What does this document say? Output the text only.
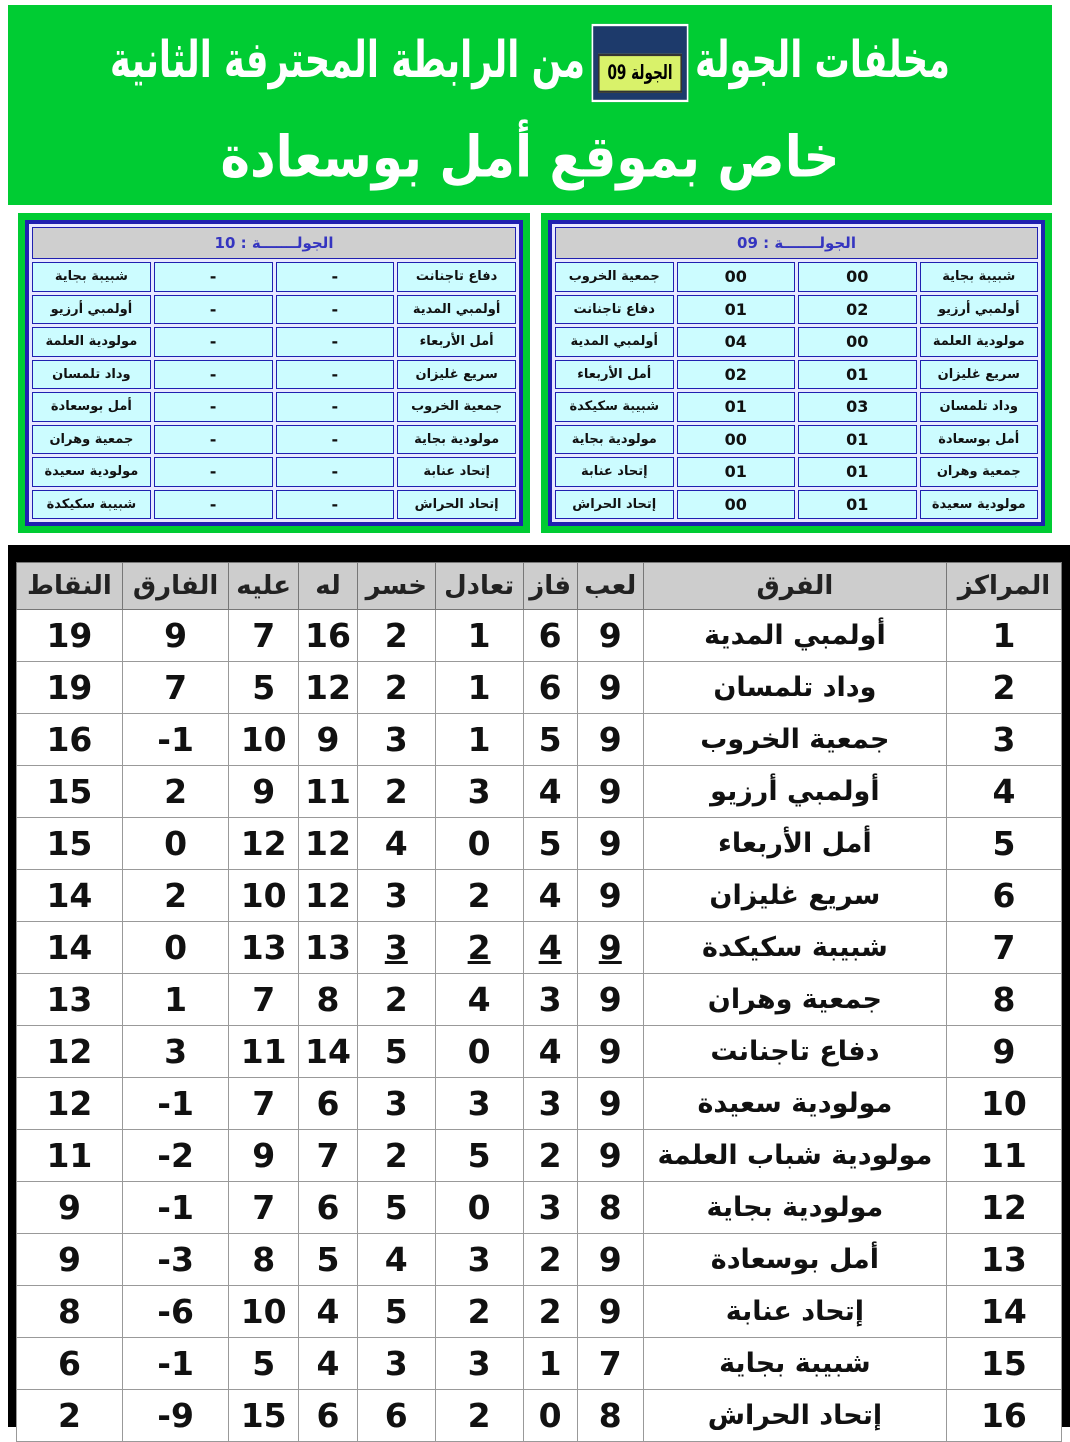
مخلفات الجولةالجولة 09من الرابطة المحترفة الثانية
خاص بموقع أمل بوسعادة
الجولـــــــة : 09			
شبيبة بجاية	00	00	جمعية الخروب
أولمبي أرزيو	02	01	دفاع تاجنانت
مولودية العلمة	00	04	أولمبي المدية
سريع غليزان	01	02	أمل الأربعاء
وداد تلمسان	03	01	شبيبة سكيكدة
أمل بوسعادة	01	00	مولودية بجاية
جمعية وهران	01	01	إتحاد عنابة
مولودية سعيدة	01	00	إتحاد الحراش
الجولـــــــة : 10			
دفاع تاجنانت	-	-	شبيبة بجاية
أولمبي المدية	-	-	أولمبي أرزيو
أمل الأربعاء	-	-	مولودية العلمة
سريع غليزان	-	-	وداد تلمسان
جمعية الخروب	-	-	أمل بوسعادة
مولودية بجاية	-	-	جمعية وهران
إتحاد عنابة	-	-	مولودية سعيدة
إتحاد الحراش	-	-	شبيبة سكيكدة
المراكز	الفرق	لعب	فاز	تعادل	خسر	له	عليه	الفارق	النقاط
1	أولمبي المدية	9	6	1	2	16	7	9	19
2	وداد تلمسان	9	6	1	2	12	5	7	19
3	جمعية الخروب	9	5	1	3	9	10	1-	16
4	أولمبي أرزيو	9	4	3	2	11	9	2	15
5	أمل الأربعاء	9	5	0	4	12	12	0	15
6	سريع غليزان	9	4	2	3	12	10	2	14
7	شبيبة سكيكدة	9	4	2	3	13	13	0	14
8	جمعية وهران	9	3	4	2	8	7	1	13
9	دفاع تاجنانت	9	4	0	5	14	11	3	12
10	مولودية سعيدة	9	3	3	3	6	7	1-	12
11	مولودية شباب العلمة	9	2	5	2	7	9	2-	11
12	مولودية بجاية	8	3	0	5	6	7	1-	9
13	أمل بوسعادة	9	2	3	4	5	8	3-	9
14	إتحاد عنابة	9	2	2	5	4	10	6-	8
15	شبيبة بجاية	7	1	3	3	4	5	1-	6
16	إتحاد الحراش	8	0	2	6	6	15	9-	2
